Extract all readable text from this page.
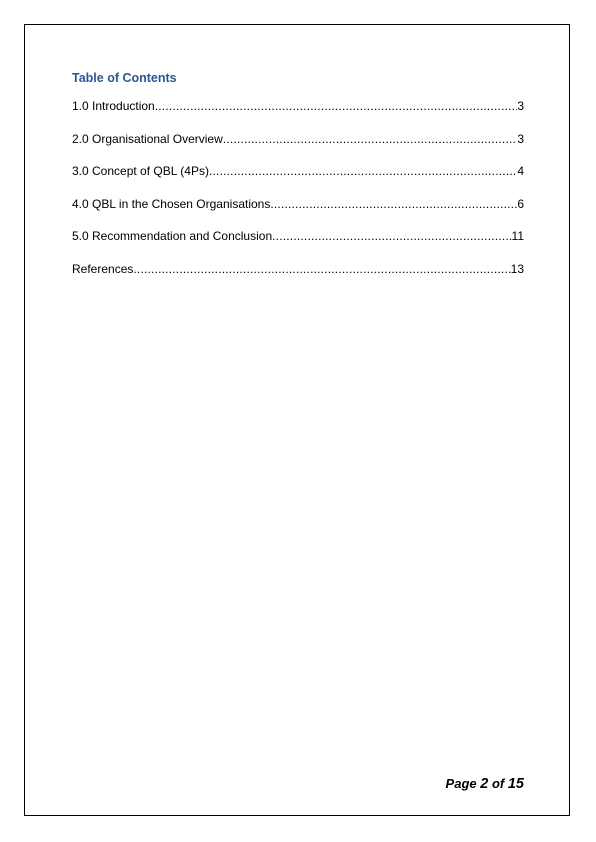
Table of Contents
1.0 Introduction .....	3
2.0 Organisational Overview .....	3
3.0 Concept of QBL (4Ps) .....	4
4.0 QBL in the Chosen Organisations .....	6
5.0 Recommendation and Conclusion .....	11
References .....	13
Page 2 of 15
